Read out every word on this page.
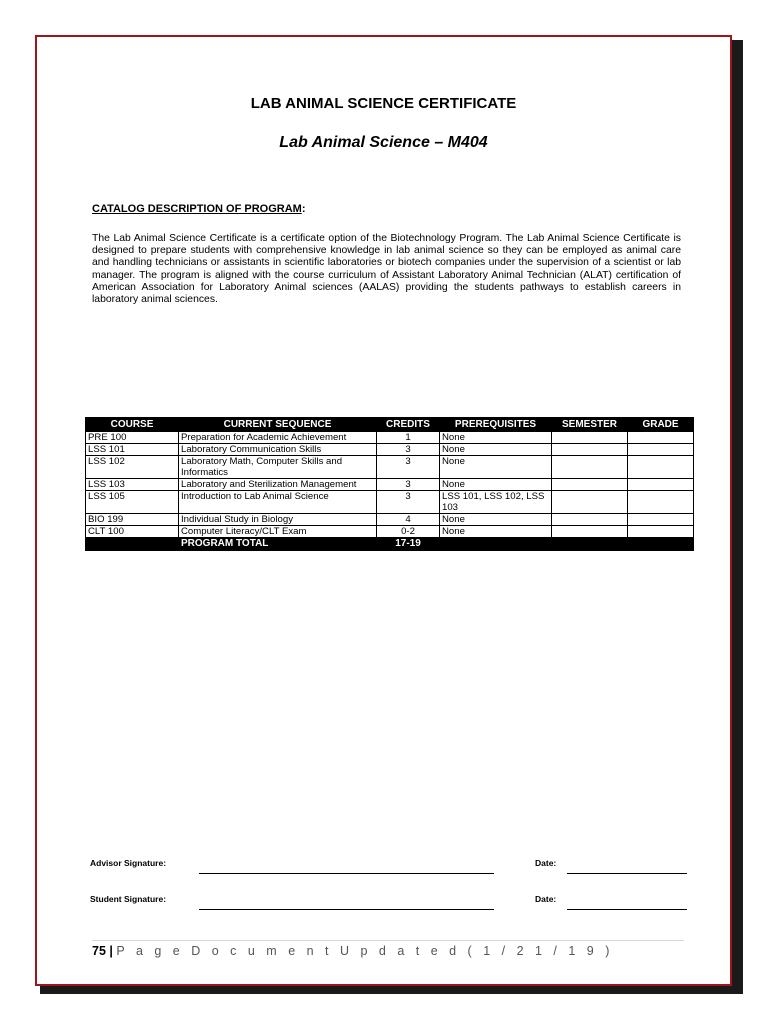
LAB ANIMAL SCIENCE CERTIFICATE
Lab Animal Science – M404
CATALOG DESCRIPTION OF PROGRAM:

The Lab Animal Science Certificate is a certificate option of the Biotechnology Program. The Lab Animal Science Certificate is designed to prepare students with comprehensive knowledge in lab animal science so they can be employed as animal care and handling technicians or assistants in scientific laboratories or biotech companies under the supervision of a scientist or lab manager. The program is aligned with the course curriculum of Assistant Laboratory Animal Technician (ALAT) certification of American Association for Laboratory Animal sciences (AALAS) providing the students pathways to establish careers in laboratory animal sciences.

COURSE	CURRENT SEQUENCE	CREDITS	PREREQUISITES	SEMESTER	GRADE
PRE 100	Preparation for Academic Achievement	1	None		
LSS 101	Laboratory Communication Skills	3	None		
LSS 102	Laboratory Math, Computer Skills and Informatics	3	None		
LSS 103	Laboratory and Sterilization Management	3	None		
LSS 105	Introduction to Lab Animal Science	3	LSS 101, LSS 102, LSS 103		
BIO 199	Individual Study in Biology	4	None		
CLT 100	Computer Literacy/CLT Exam	0-2	None		
	PROGRAM TOTAL	17-19			
Advisor Signature:	Date:
Student Signature:	Date:
75 | P a g e D o c u m e n t U p d a t e d ( 1 / 2 1 / 1 9 )
